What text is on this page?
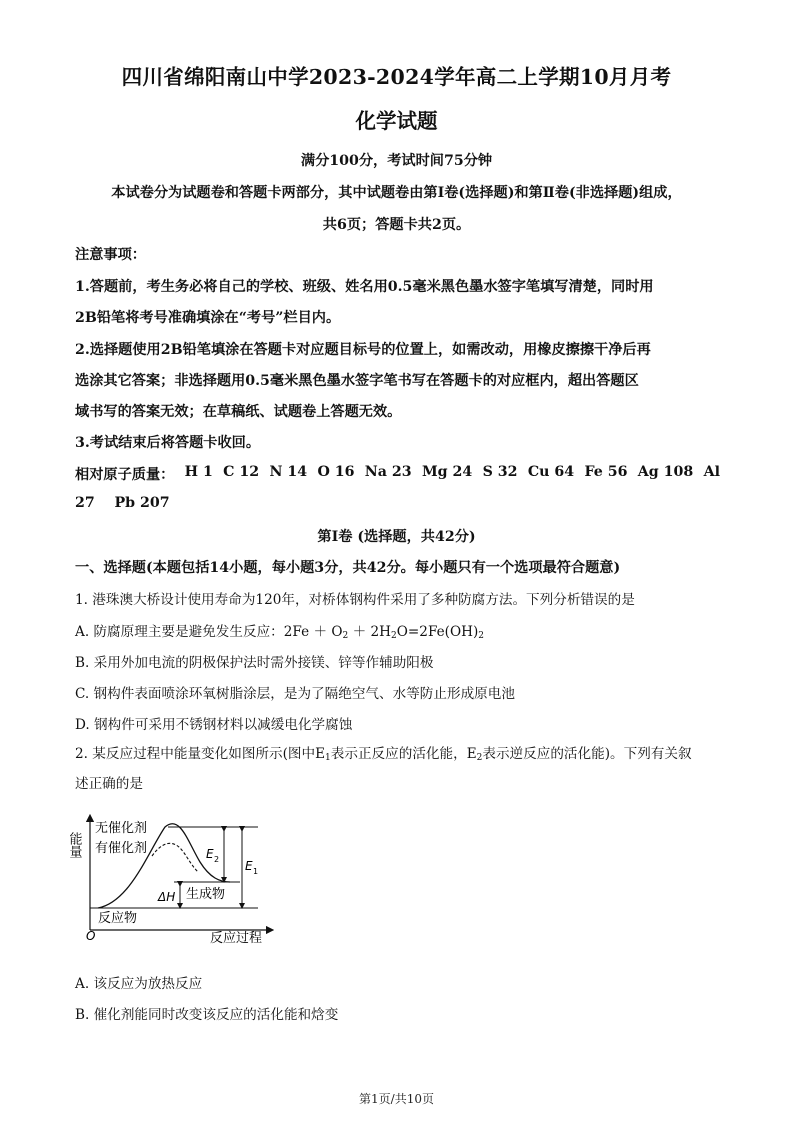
四川省绵阳南山中学2023-2024学年高二上学期10月月考
化学试题
满分100分，考试时间75分钟
本试卷分为试题卷和答题卡两部分，其中试题卷由第Ⅰ卷(选择题)和第Ⅱ卷(非选择题)组成，
共6页；答题卡共2页。
注意事项：
1.答题前，考生务必将自己的学校、班级、姓名用0.5毫米黑色墨水签字笔填写清楚，同时用
2B铅笔将考号准确填涂在“考号”栏目内。
2.选择题使用2B铅笔填涂在答题卡对应题目标号的位置上，如需改动，用橡皮擦擦干净后再
选涂其它答案；非选择题用0.5毫米黑色墨水签字笔书写在答题卡的对应框内，超出答题区
域书写的答案无效；在草稿纸、试题卷上答题无效。
3.考试结束后将答题卡收回。
相对原子质量： H 1 C 12 N 14 O 16 Na 23 Mg 24 S 32 Cu 64 Fe 56 Ag 108 Al
27    Pb 207
第Ⅰ卷 (选择题，共42分)
一、选择题(本题包括14小题，每小题3分，共42分。每小题只有一个选项最符合题意)
1. 港珠澳大桥设计使用寿命为120年，对桥体钢构件采用了多种防腐方法。下列分析错误的是
A. 防腐原理主要是避免发生反应：$2Fe + O_2 + 2H_2O=2Fe(OH)_2$
B. 采用外加电流的阴极保护法时需外接镁、锌等作辅助阳极
C. 钢构件表面喷涂环氧树脂涂层，是为了隔绝空气、水等防止形成原电池
D. 钢构件可采用不锈钢材料以减缓电化学腐蚀
2. 某反应过程中能量变化如图所示(图中$E_1$表示正反应的活化能，$E_2$表示逆反应的活化能)。下列有关叙
述正确的是
能量
O	反应过程
无催化剂
有催化剂	E 2 E 1
ΔH 生成物
反应物
A. 该反应为放热反应
B. 催化剂能同时改变该反应的活化能和焓变
第1页/共10页
